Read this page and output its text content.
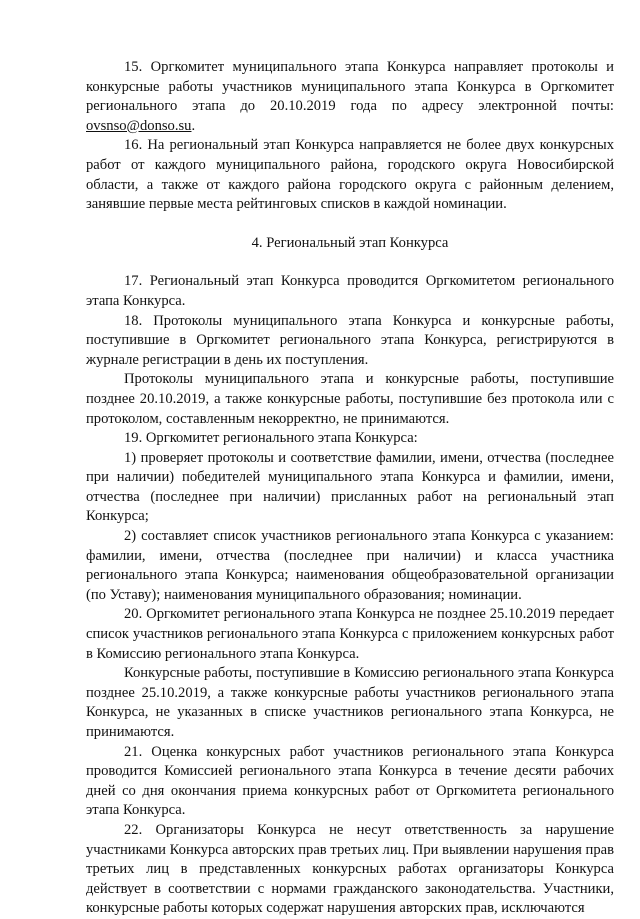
15. Оргкомитет муниципального этапа Конкурса направляет протоколы и конкурсные работы участников муниципального этапа Конкурса в Оргкомитет регионального этапа до 20.10.2019 года по адресу электронной почты: ovsnso@donso.su.

16. На региональный этап Конкурса направляется не более двух конкурсных работ от каждого муниципального района, городского округа Новосибирской области, а также от каждого района городского округа с районным делением, занявшие первые места рейтинговых списков в каждой номинации.

4. Региональный этап Конкурса

17. Региональный этап Конкурса проводится Оргкомитетом регионального этапа Конкурса.

18. Протоколы муниципального этапа Конкурса и конкурсные работы, поступившие в Оргкомитет регионального этапа Конкурса, регистрируются в журнале регистрации в день их поступления.

Протоколы муниципального этапа и конкурсные работы, поступившие позднее 20.10.2019, а также конкурсные работы, поступившие без протокола или с протоколом, составленным некорректно, не принимаются.

19. Оргкомитет регионального этапа Конкурса:

1) проверяет протоколы и соответствие фамилии, имени, отчества (последнее при наличии) победителей муниципального этапа Конкурса и фамилии, имени, отчества (последнее при наличии) присланных работ на региональный этап Конкурса;

2) составляет список участников регионального этапа Конкурса с указанием: фамилии, имени, отчества (последнее при наличии) и класса участника регионального этапа Конкурса; наименования общеобразовательной организации (по Уставу); наименования муниципального образования; номинации.

20. Оргкомитет регионального этапа Конкурса не позднее 25.10.2019 передает список участников регионального этапа Конкурса с приложением конкурсных работ в Комиссию регионального этапа Конкурса.

Конкурсные работы, поступившие в Комиссию регионального этапа Конкурса позднее 25.10.2019, а также конкурсные работы участников регионального этапа Конкурса, не указанных в списке участников регионального этапа Конкурса, не принимаются.

21. Оценка конкурсных работ участников регионального этапа Конкурса проводится Комиссией регионального этапа Конкурса в течение десяти рабочих дней со дня окончания приема конкурсных работ от Оргкомитета регионального этапа Конкурса.

22. Организаторы Конкурса не несут ответственность за нарушение участниками Конкурса авторских прав третьих лиц. При выявлении нарушения прав третьих лиц в представленных конкурсных работах организаторы Конкурса действует в соответствии с нормами гражданского законодательства. Участники, конкурсные работы которых содержат нарушения авторских прав, исключаются
